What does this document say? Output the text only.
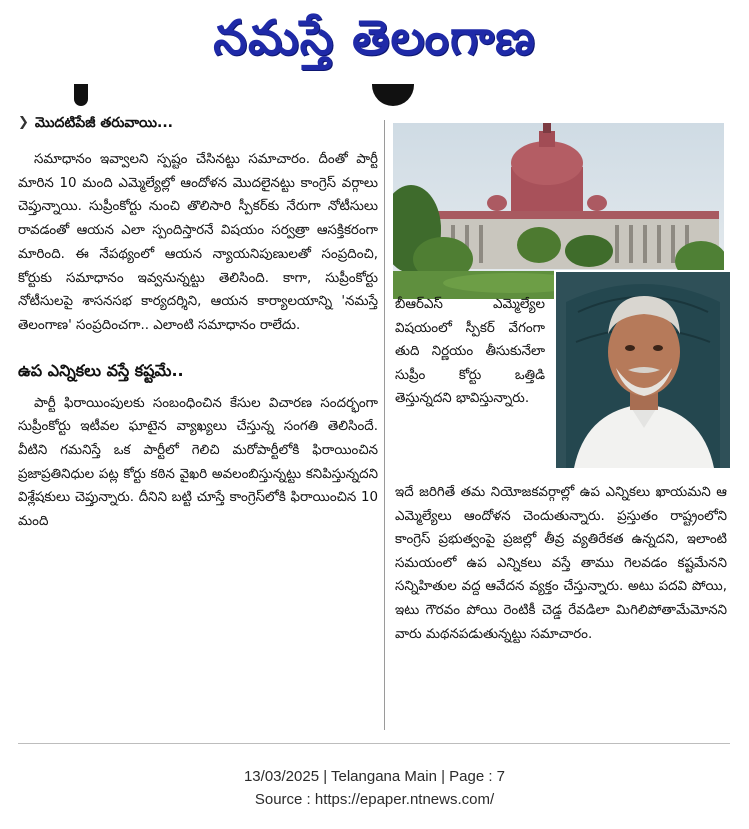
నమస్తే తెలంగాణ
❯ మొదటిపేజీ తరువాయి...

సమాధానం ఇవ్వాలని స్పష్టం చేసినట్టు సమాచారం. దీంతో పార్టీ మారిన 10 మంది ఎమ్మెల్యేల్లో ఆందోళన మొదలైనట్టు కాంగ్రెస్ వర్గాలు చెప్తున్నాయి. సుప్రీంకోర్టు నుంచి తొలిసారి స్పీకర్‌కు నేరుగా నోటీసులు రావడంతో ఆయన ఎలా స్పందిస్తారనే విషయం సర్వత్రా ఆసక్తికరంగా మారింది. ఈ నేపథ్యంలో ఆయన న్యాయనిపుణులతో సంప్రదించి, కోర్టుకు సమాధానం ఇవ్వనున్నట్టు తెలిసింది. కాగా, సుప్రీంకోర్టు నోటీసులపై శాసనసభ కార్యదర్శిని, ఆయన కార్యాలయాన్ని 'నమస్తే తెలంగాణ' సంప్రదించగా.. ఎలాంటి సమాధానం రాలేదు.

ఉప ఎన్నికలు వస్తే కష్టమే..

పార్టీ ఫిరాయింపులకు సంబంధించిన కేసుల విచారణ సందర్భంగా సుప్రీంకోర్టు ఇటీవల ఘాటైన వ్యాఖ్యలు చేస్తున్న సంగతి తెలిసిందే. వీటిని గమనిస్తే ఒక పార్టీలో గెలిచి మరోపార్టీలోకి ఫిరాయించిన ప్రజాప్రతినిధుల పట్ల కోర్టు కఠిన వైఖరి అవలంబిస్తున్నట్టు కనిపిస్తున్నదని విశ్లేషకులు చెప్తున్నారు. దీనిని బట్టి చూస్తే కాంగ్రెస్‌లోకి ఫిరాయించిన 10 మంది

బీఆర్‌ఎస్ ఎమ్మెల్యేల విషయంలో స్పీకర్ వేగంగా తుది నిర్ణయం తీసుకునేలా సుప్రీం కోర్టు ఒత్తిడి తెస్తున్నదని భావిస్తున్నారు.

ఇదే జరిగితే తమ నియోజకవర్గాల్లో ఉప ఎన్నికలు ఖాయమని ఆ ఎమ్మెల్యేలు ఆందోళన చెందుతున్నారు. ప్రస్తుతం రాష్ట్రంలోని కాంగ్రెస్ ప్రభుత్వంపై ప్రజల్లో తీవ్ర వ్యతిరేకత ఉన్నదని, ఇలాంటి సమయంలో ఉప ఎన్నికలు వస్తే తాము గెలవడం కష్టమేనని సన్నిహితుల వద్ద ఆవేదన వ్యక్తం చేస్తున్నారు. అటు పదవి పోయి, ఇటు గౌరవం పోయి రెంటికీ చెడ్డ రేవడిలా మిగిలిపోతామేమోనని వారు మథనపడుతున్నట్టు సమాచారం.

13/03/2025 | Telangana Main | Page : 7
Source : https://epaper.ntnews.com/
